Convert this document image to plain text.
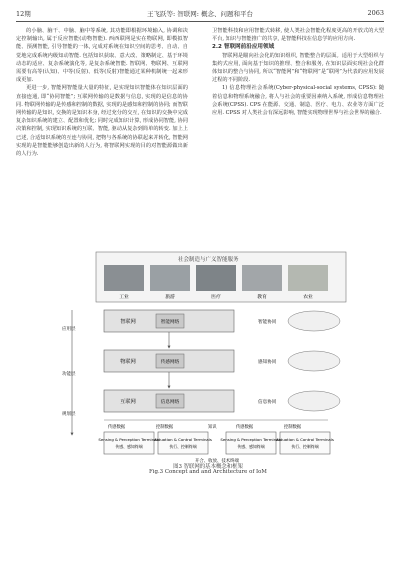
12期	王飞跃等: 智联网: 概念、问题和平台	2063

的小脑、脑干、中脑、脑中等系统, 其功能即根据环境输入, 协调和决定控制输出, 属于反应智能(动物智能). 西西联网是实在物联网, 即模拟智能、预测智能, 引导智能的一体, 完成对系统在知识空间的思考、自动、自觉地完成系统内级知动智能. 包括知识获取、意大改、策略制定、基于环境动态的适应、复杂系统演化等, 是复杂系统智能. 智联网、物联网、互联网需要有高等(认知)、中等(反射)、低等(反射)智能通过某种机制统一起来形成更加.

更进一步, 智能网智能量大量的特征, 是实现知识智能体在知识层面的直接连通, 即“协同智能”; 互联网传输的是数据与信息, 实现的是信息的协同. 物联网传输的是传感和控制的数据, 实现的是感知和控制的协同; 而智联网传输的是知识, 交换的是知识本身, 经过充分的交互, 在知识的交换中完成复杂知识系统的建立、配置和优化; 同时完成知识计算, 形成协同智能, 协同决策和控制, 实现知识系统的互联、智能, 驱动从复杂到简单的转变. 加上上已述, 合适知识系统的互连与协同, 把物与各系统的协联起来并转化, 智能网实现的是智能能够创造出新的人行为, 将智联网实现的目的对智能源做出新的人行为.

卫智能科技和应用智能式转移, 使人类社会智能化程度更高的开放式的大型平台, 知识与智能推广的共享, 是智能科技在信息学的应用方向.

2.2 智联网前沿应用领域

智联网是瞄向社会化的知识组织, 智能整合的层面。适用于大型组织与集约式应用, 面向基于知识的推理、整合和服务, 在知识层面实现社会化群体知识的整合与协同, 所以“智能网”和“物联网”是“联网”为代表的应用发展过程的不同阶段.

1) 信息物理社会系统(Cyber-physical-social systems, CPSS): 随着信息和物理系统融合, 将人与社会的重要因素纳入系统, 形成信息物理社会系统(CPSS). CPS 在能源、交通、制造、医疗、电力、农业等方面广泛应用. CPSS 对人类社会有深远影响, 智能实现物理世界与社会世界的融合.

社会制造与广义智能服务
工业	旅游	医疗	教育	农业
应用层
功能层
规划层
智联网	智能网络	智能协同
物联网	传感网络	感知协同
互联网	信息网络	信息协同
传感数据	控制数据	知识	传感数据	控制数据
Sensing & Perception Terminals
传感、感知终端
Actuation & Control Terminals
执行、控制终端
Sensing & Perception Terminals
传感、感知终端
Actuation & Control Terminals
执行、控制终端
开合、收放、技术终端
图3 智联网的基本概念和框架
Fig.3 Concept and and Architecture of IoM
